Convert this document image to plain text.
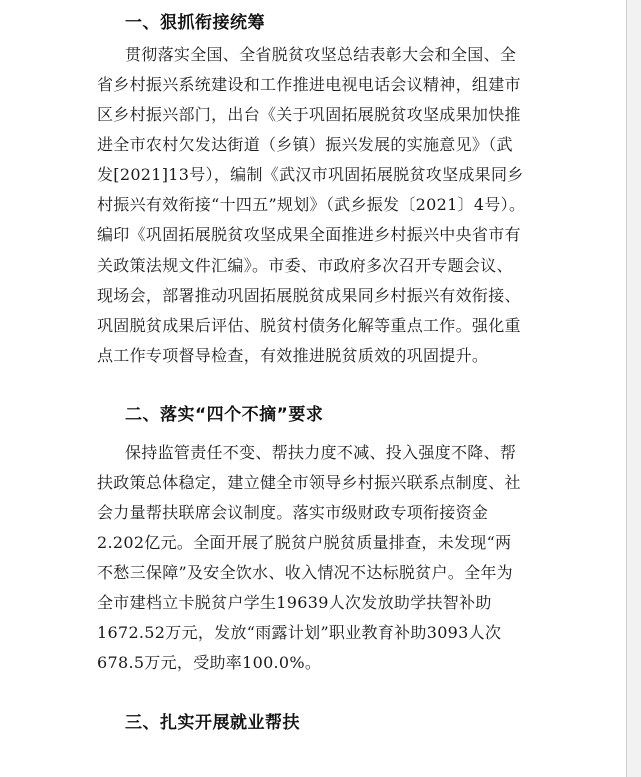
一、狠抓衔接统筹
贯彻落实全国、全省脱贫攻坚总结表彰大会和全国、全
省乡村振兴系统建设和工作推进电视电话会议精神，组建市
区乡村振兴部门，出台《关于巩固拓展脱贫攻坚成果加快推
进全市农村欠发达街道（乡镇）振兴发展的实施意见》（武
发[2021]13号），编制《武汉市巩固拓展脱贫攻坚成果同乡
村振兴有效衔接“十四五”规划》（武乡振发〔2021〕4号）。
编印《巩固拓展脱贫攻坚成果全面推进乡村振兴中央省市有
关政策法规文件汇编》。市委、市政府多次召开专题会议、
现场会，部署推动巩固拓展脱贫成果同乡村振兴有效衔接、
巩固脱贫成果后评估、脱贫村债务化解等重点工作。强化重
点工作专项督导检查，有效推进脱贫质效的巩固提升。
二、落实“四个不摘”要求
保持监管责任不变、帮扶力度不减、投入强度不降、帮
扶政策总体稳定，建立健全市领导乡村振兴联系点制度、社
会力量帮扶联席会议制度。落实市级财政专项衔接资金
2.202亿元。全面开展了脱贫户脱贫质量排查，未发现“两
不愁三保障”及安全饮水、收入情况不达标脱贫户。全年为
全市建档立卡脱贫户学生19639人次发放助学扶智补助
1672.52万元，发放“雨露计划”职业教育补助3093人次
678.5万元，受助率100.0%。
三、扎实开展就业帮扶
